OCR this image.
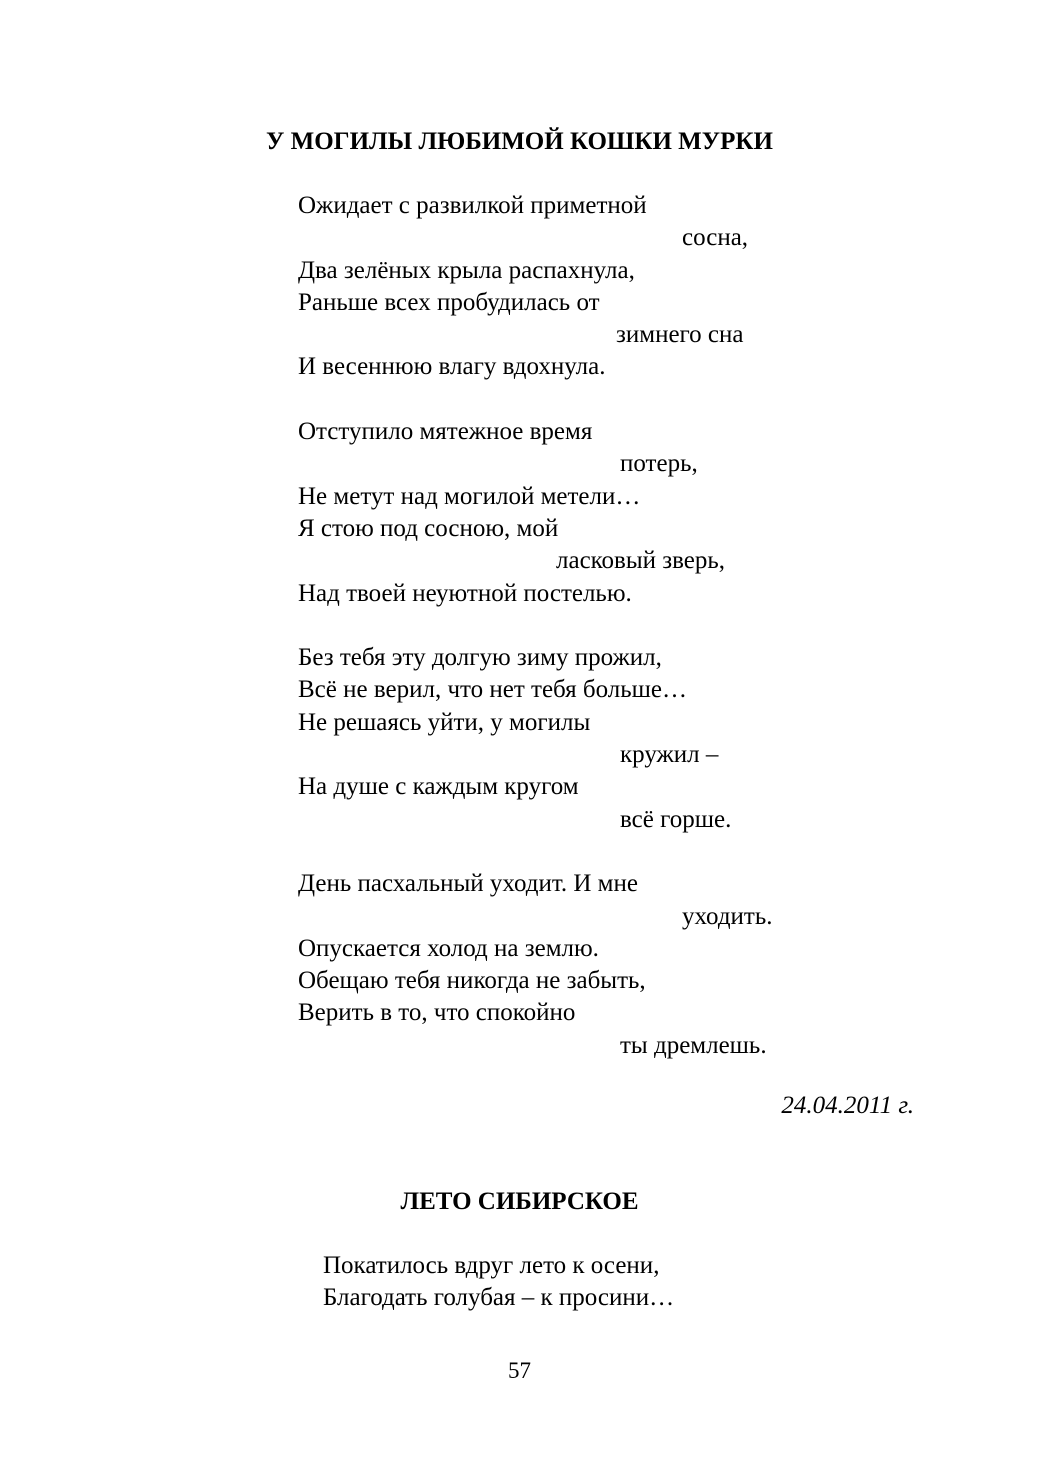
У МОГИЛЫ ЛЮБИМОЙ КОШКИ МУРКИ
Ожидает с развилкой приметной
сосна,
Два зелёных крыла распахнула,
Раньше всех пробудилась от
зимнего сна
И весеннюю влагу вдохнула.
Отступило мятежное время
потерь,
Не метут над могилой метели…
Я стою под сосною, мой
ласковый зверь,
Над твоей неуютной постелью.
Без тебя эту долгую зиму прожил,
Всё не верил, что нет тебя больше…
Не решаясь уйти, у могилы
кружил –
На душе с каждым кругом
всё горше.
День пасхальный уходит. И мне
уходить.
Опускается холод на землю.
Обещаю тебя никогда не забыть,
Верить в то, что спокойно
ты дремлешь.
24.04.2011 г.
ЛЕТО СИБИРСКОЕ
Покатилось вдруг лето к осени,
Благодать голубая – к просини…
57
